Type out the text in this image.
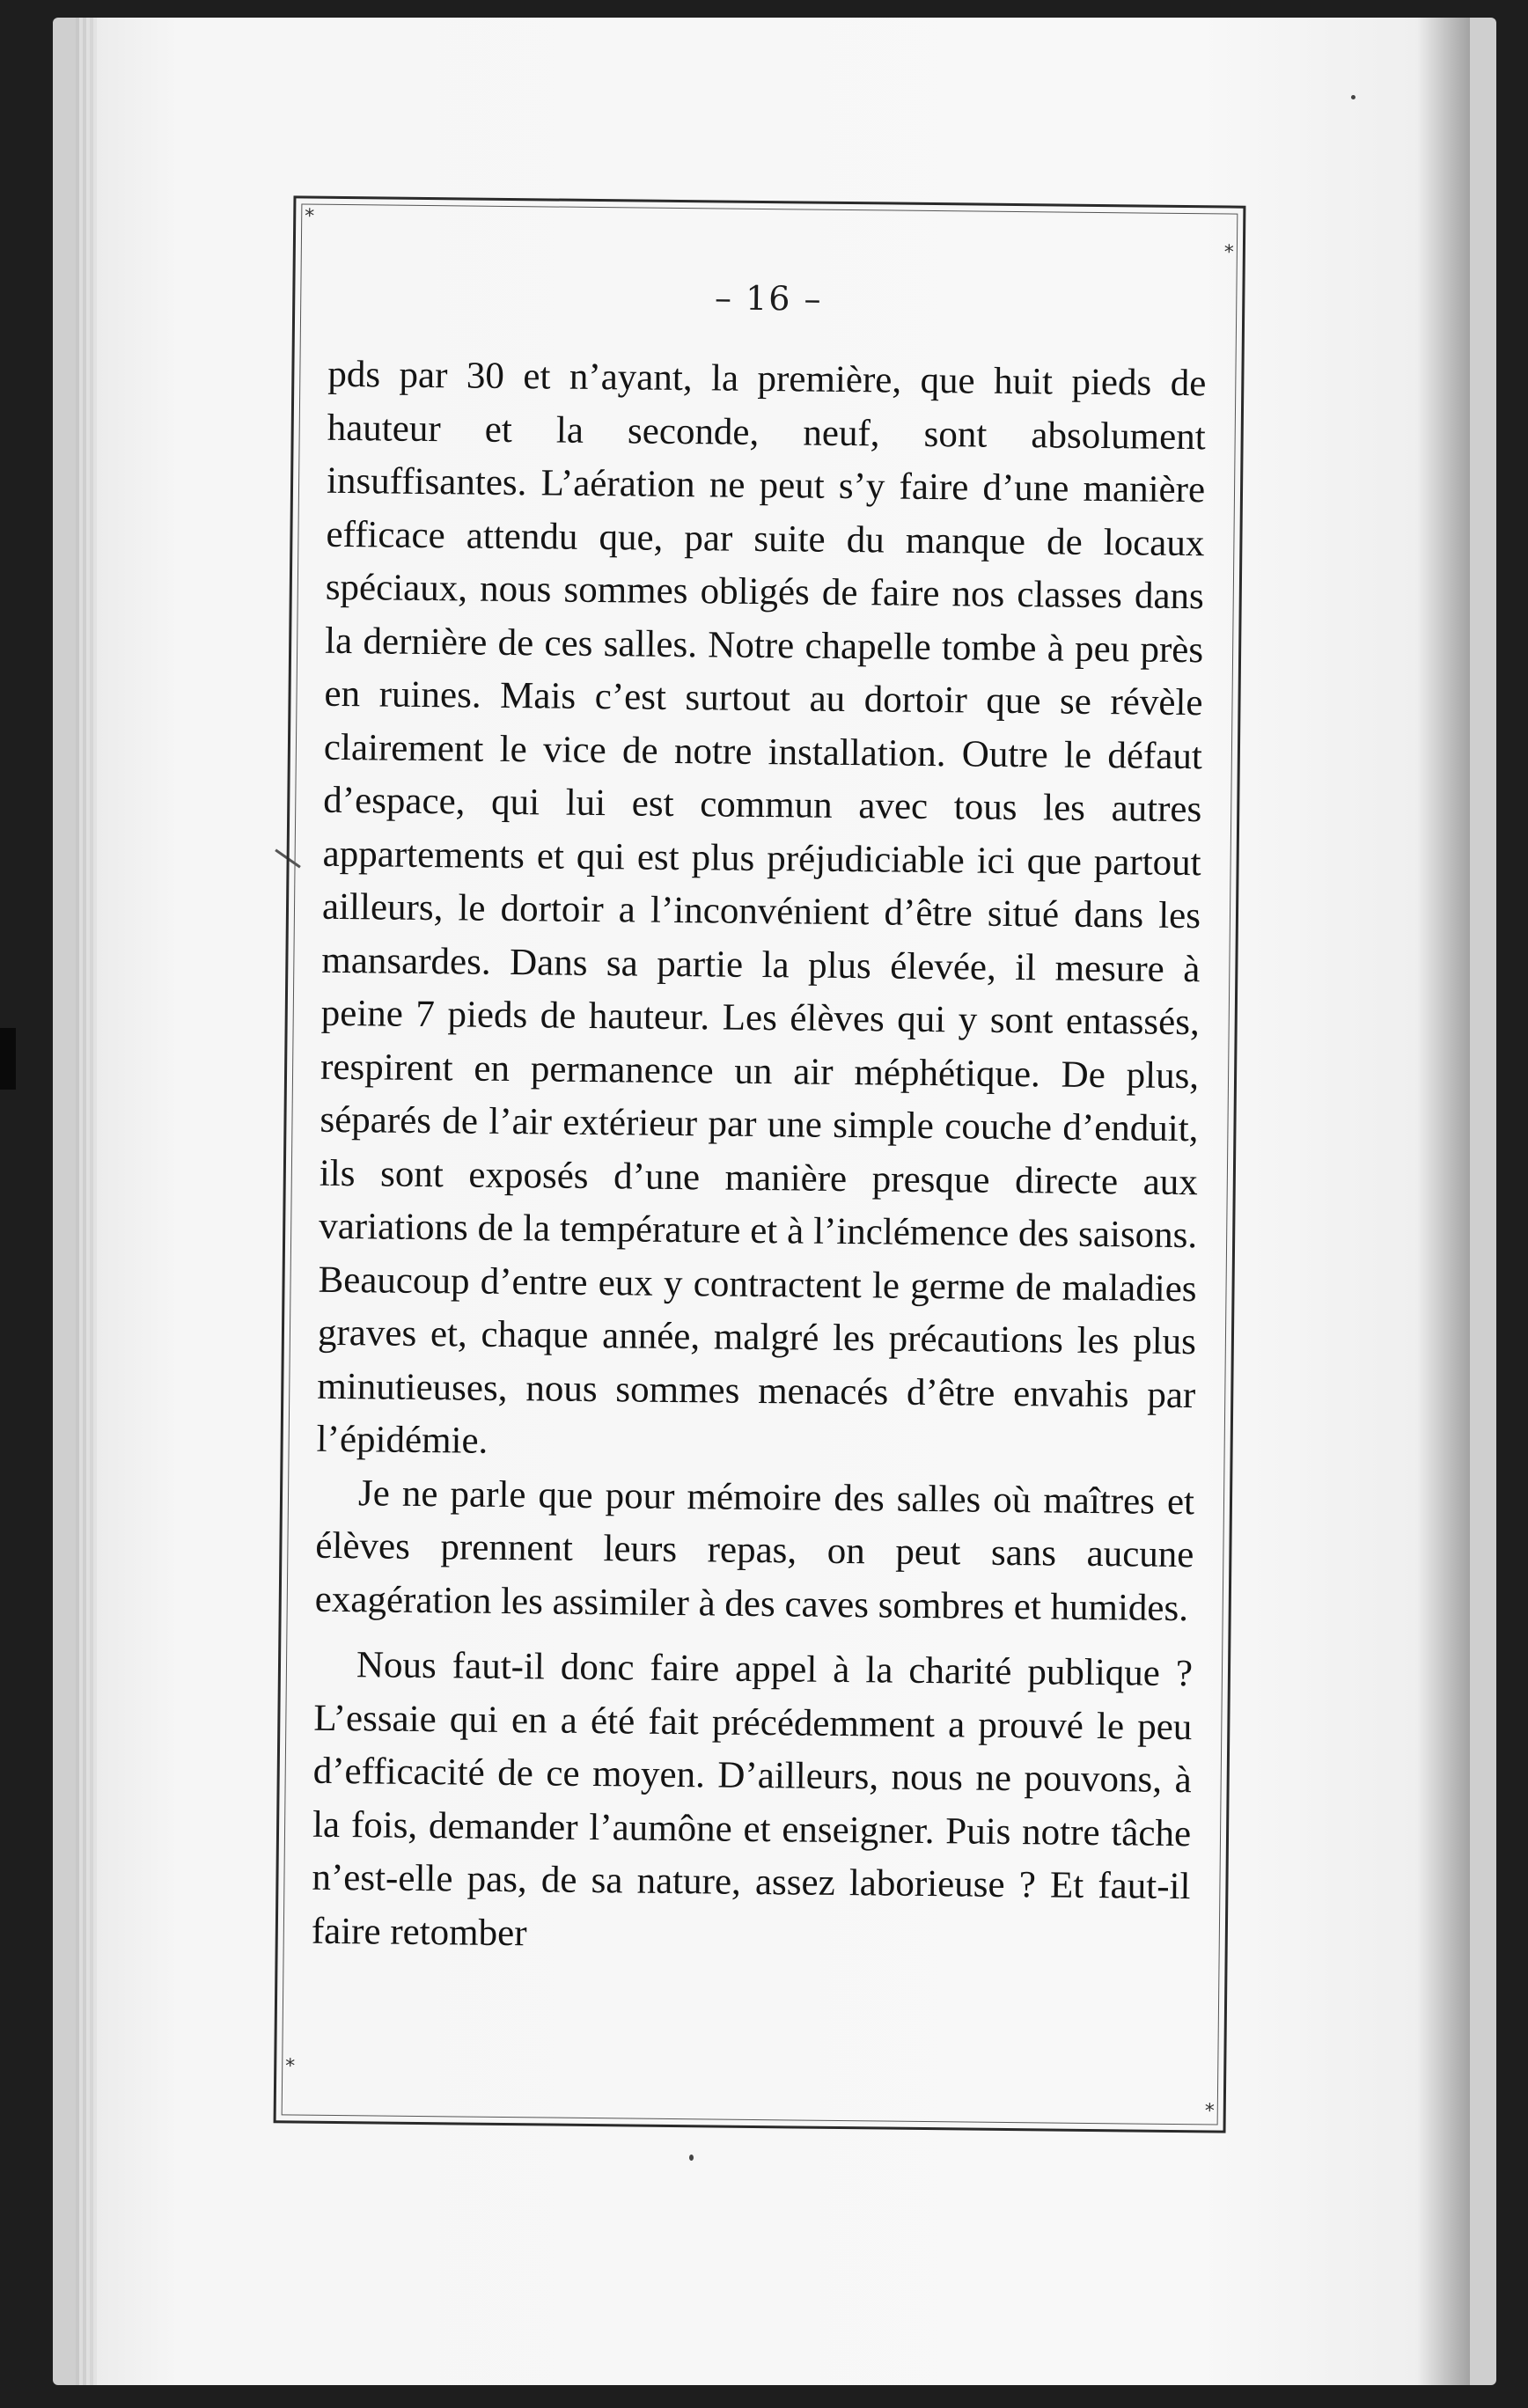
*
*
*
*
– 16 –

pds par 30 et n’ayant, la première, que huit pieds de hauteur et la seconde, neuf, sont absolument insuffisantes. L’aération ne peut s’y faire d’une manière efficace attendu que, par suite du manque de locaux spéciaux, nous sommes obligés de faire nos classes dans la dernière de ces salles. Notre chapelle tombe à peu près en ruines. Mais c’est surtout au dortoir que se révèle clairement le vice de notre installation. Outre le défaut d’espace, qui lui est commun avec tous les autres appartements et qui est plus préjudiciable ici que partout ailleurs, le dortoir a l’inconvénient d’être situé dans les mansardes. Dans sa partie la plus élevée, il mesure à peine 7 pieds de hauteur. Les élèves qui y sont entassés, respirent en permanence un air méphétique. De plus, séparés de l’air extérieur par une simple couche d’enduit, ils sont exposés d’une manière presque directe aux variations de la température et à l’inclémence des saisons. Beaucoup d’entre eux y contractent le germe de maladies graves et, chaque année, malgré les précautions les plus minutieuses, nous sommes menacés d’être envahis par l’épidémie.

Je ne parle que pour mémoire des salles où maîtres et élèves prennent leurs repas, on peut sans aucune exagération les assimiler à des caves sombres et humides.

Nous faut-il donc faire appel à la charité publique ? L’essaie qui en a été fait précédemment a prouvé le peu d’efficacité de ce moyen. D’ailleurs, nous ne pouvons, à la fois, demander l’aumône et enseigner. Puis notre tâche n’est-elle pas, de sa nature, assez laborieuse ? Et faut-il faire retomber
